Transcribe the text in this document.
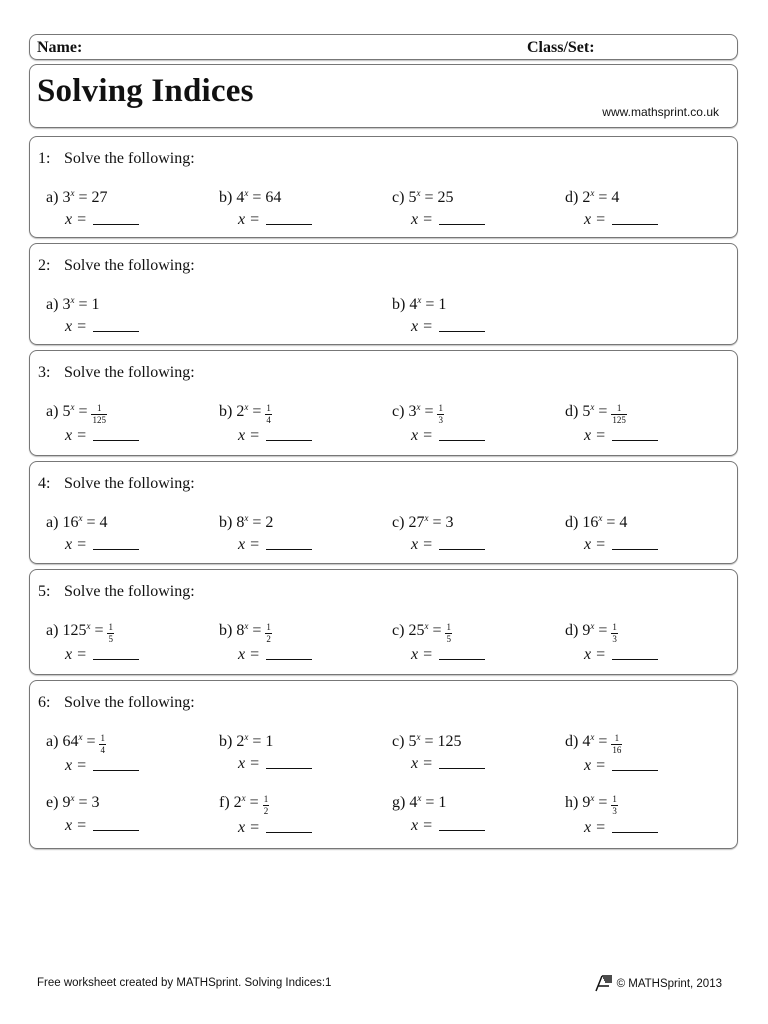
Name:	Class/Set:
Solving Indices
www.mathsprint.co.uk
1: Solve the following:
a) $3^x = 27$
x =
b) $4^x = 64$
x =
c) $5^x = 25$
x =
d) $2^x = 4$
x =
2: Solve the following:
a) $3^x = 1$
x =
b) $4^x = 1$
x =
3: Solve the following:
a) $5^x = \frac{1}{125}$
x =
b) $2^x = \frac{1}{4}$
x =
c) $3^x = \frac{1}{3}$
x =
d) $5^x = \frac{1}{125}$
x =
4: Solve the following:
a) $16^x = 4$
x =
b) $8^x = 2$
x =
c) $27^x = 3$
x =
d) $16^x = 4$
x =
5: Solve the following:
a) $125^x = \frac{1}{5}$
x =
b) $8^x = \frac{1}{2}$
x =
c) $25^x = \frac{1}{5}$
x =
d) $9^x = \frac{1}{3}$
x =
6: Solve the following:
a) $64^x = \frac{1}{4}$
x =
b) $2^x = 1$
x =
c) $5^x = 125$
x =
d) $4^x = \frac{1}{16}$
x =
e) $9^x = 3$
x =
f) $2^x = \frac{1}{2}$
x =
g) $4^x = 1$
x =
h) $9^x = \frac{1}{3}$
x =
Free worksheet created by MATHSprint. Solving Indices:1	© MATHSprint, 2013
